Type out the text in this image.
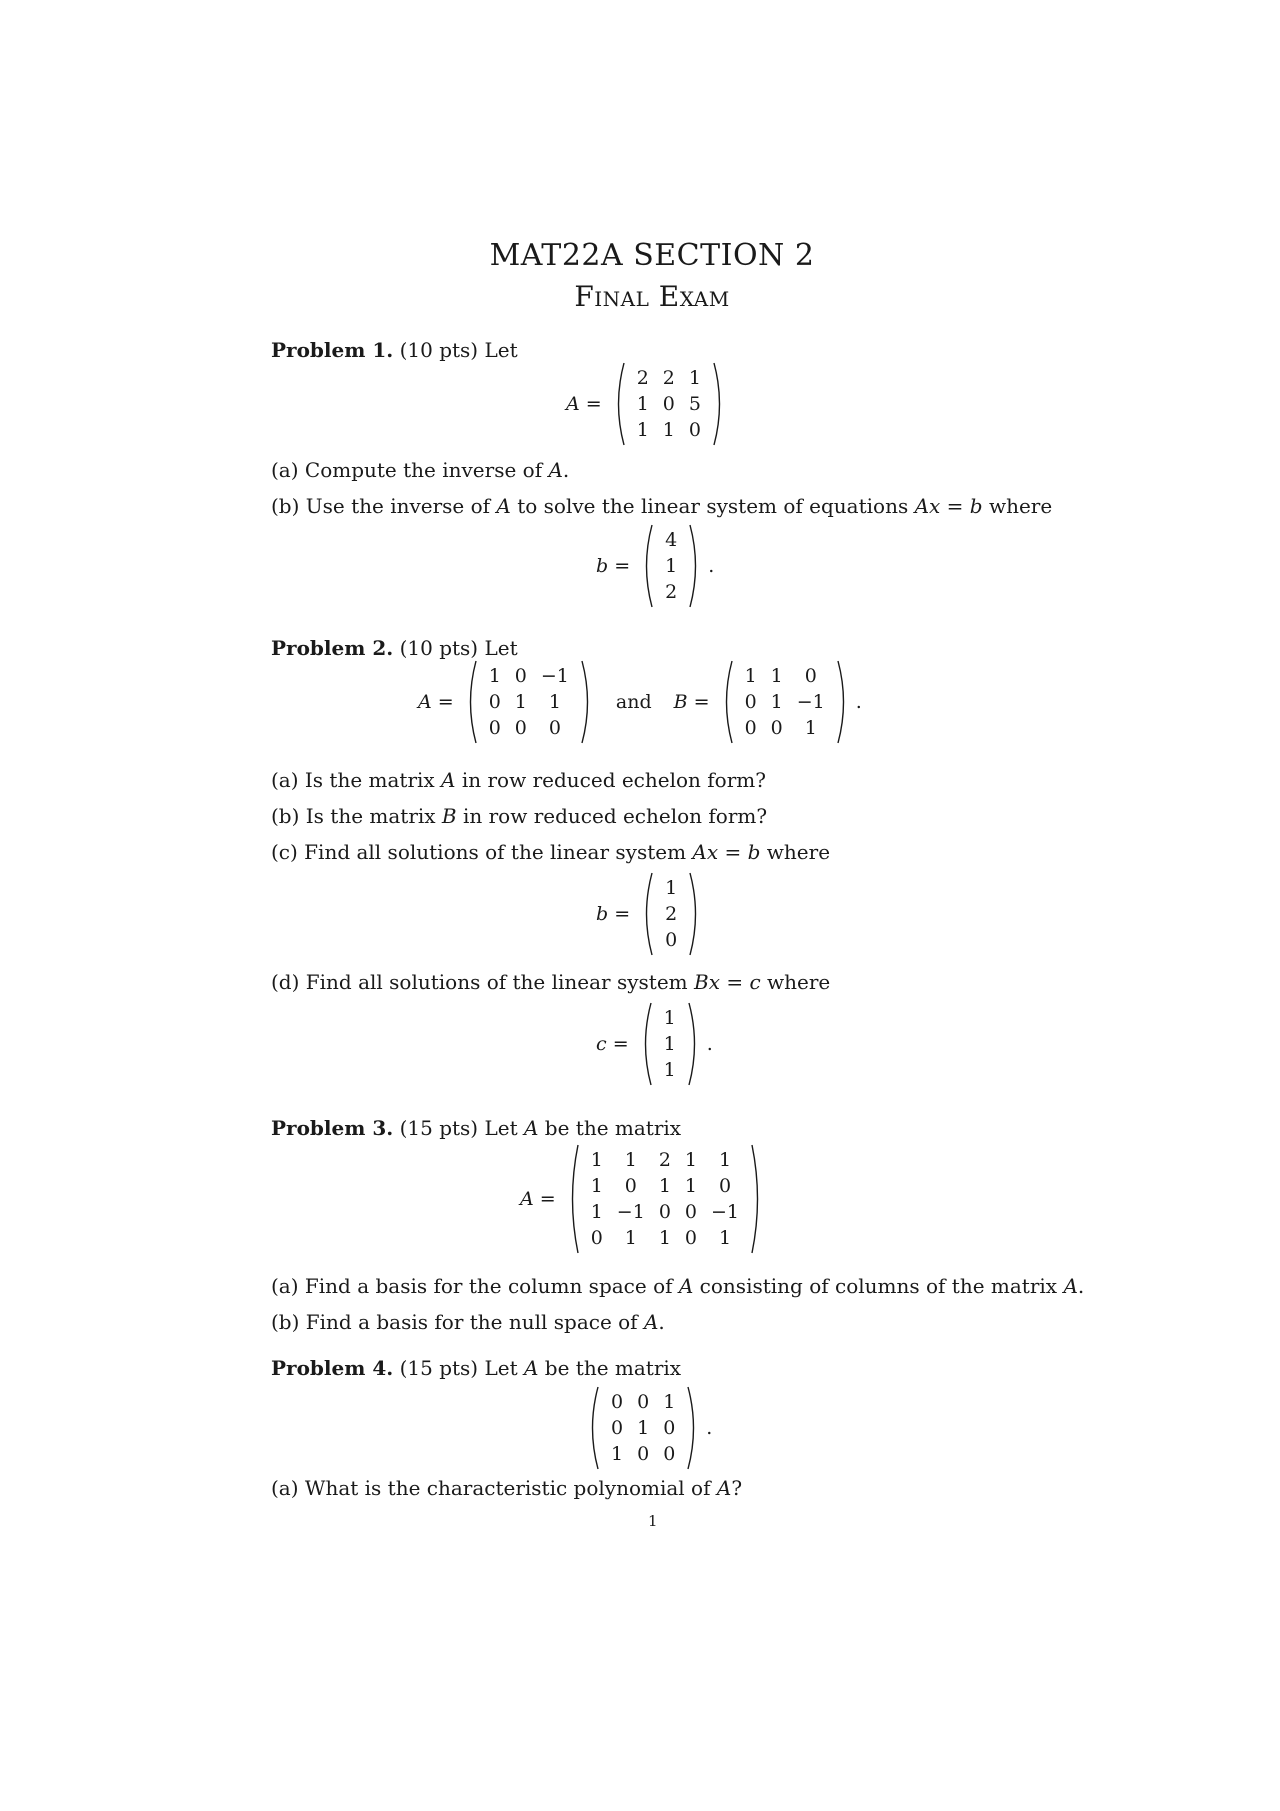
MAT22A SECTION 2
Final Exam
Problem 1. (10 pts) Let
A =
2	2	1
1	0	5
1	1	0
(a) Compute the inverse of A.
(b) Use the inverse of A to solve the linear system of equations Ax = b where
b =
4
1
2
.
Problem 2. (10 pts) Let
A =
1	0	−1
0	1	1
0	0	0
and B =
1	1	0
0	1	−1
0	0	1
.
(a) Is the matrix A in row reduced echelon form?
(b) Is the matrix B in row reduced echelon form?
(c) Find all solutions of the linear system Ax = b where
b =
1
2
0
(d) Find all solutions of the linear system Bx = c where
c =
1
1
1
.
Problem 3. (15 pts) Let A be the matrix
A =
1	1	2	1	1
1	0	1	1	0
1	−1	0	0	−1
0	1	1	0	1
(a) Find a basis for the column space of A consisting of columns of the matrix A.
(b) Find a basis for the null space of A.
Problem 4. (15 pts) Let A be the matrix
0	0	1
0	1	0
1	0	0
.
(a) What is the characteristic polynomial of A?
1
